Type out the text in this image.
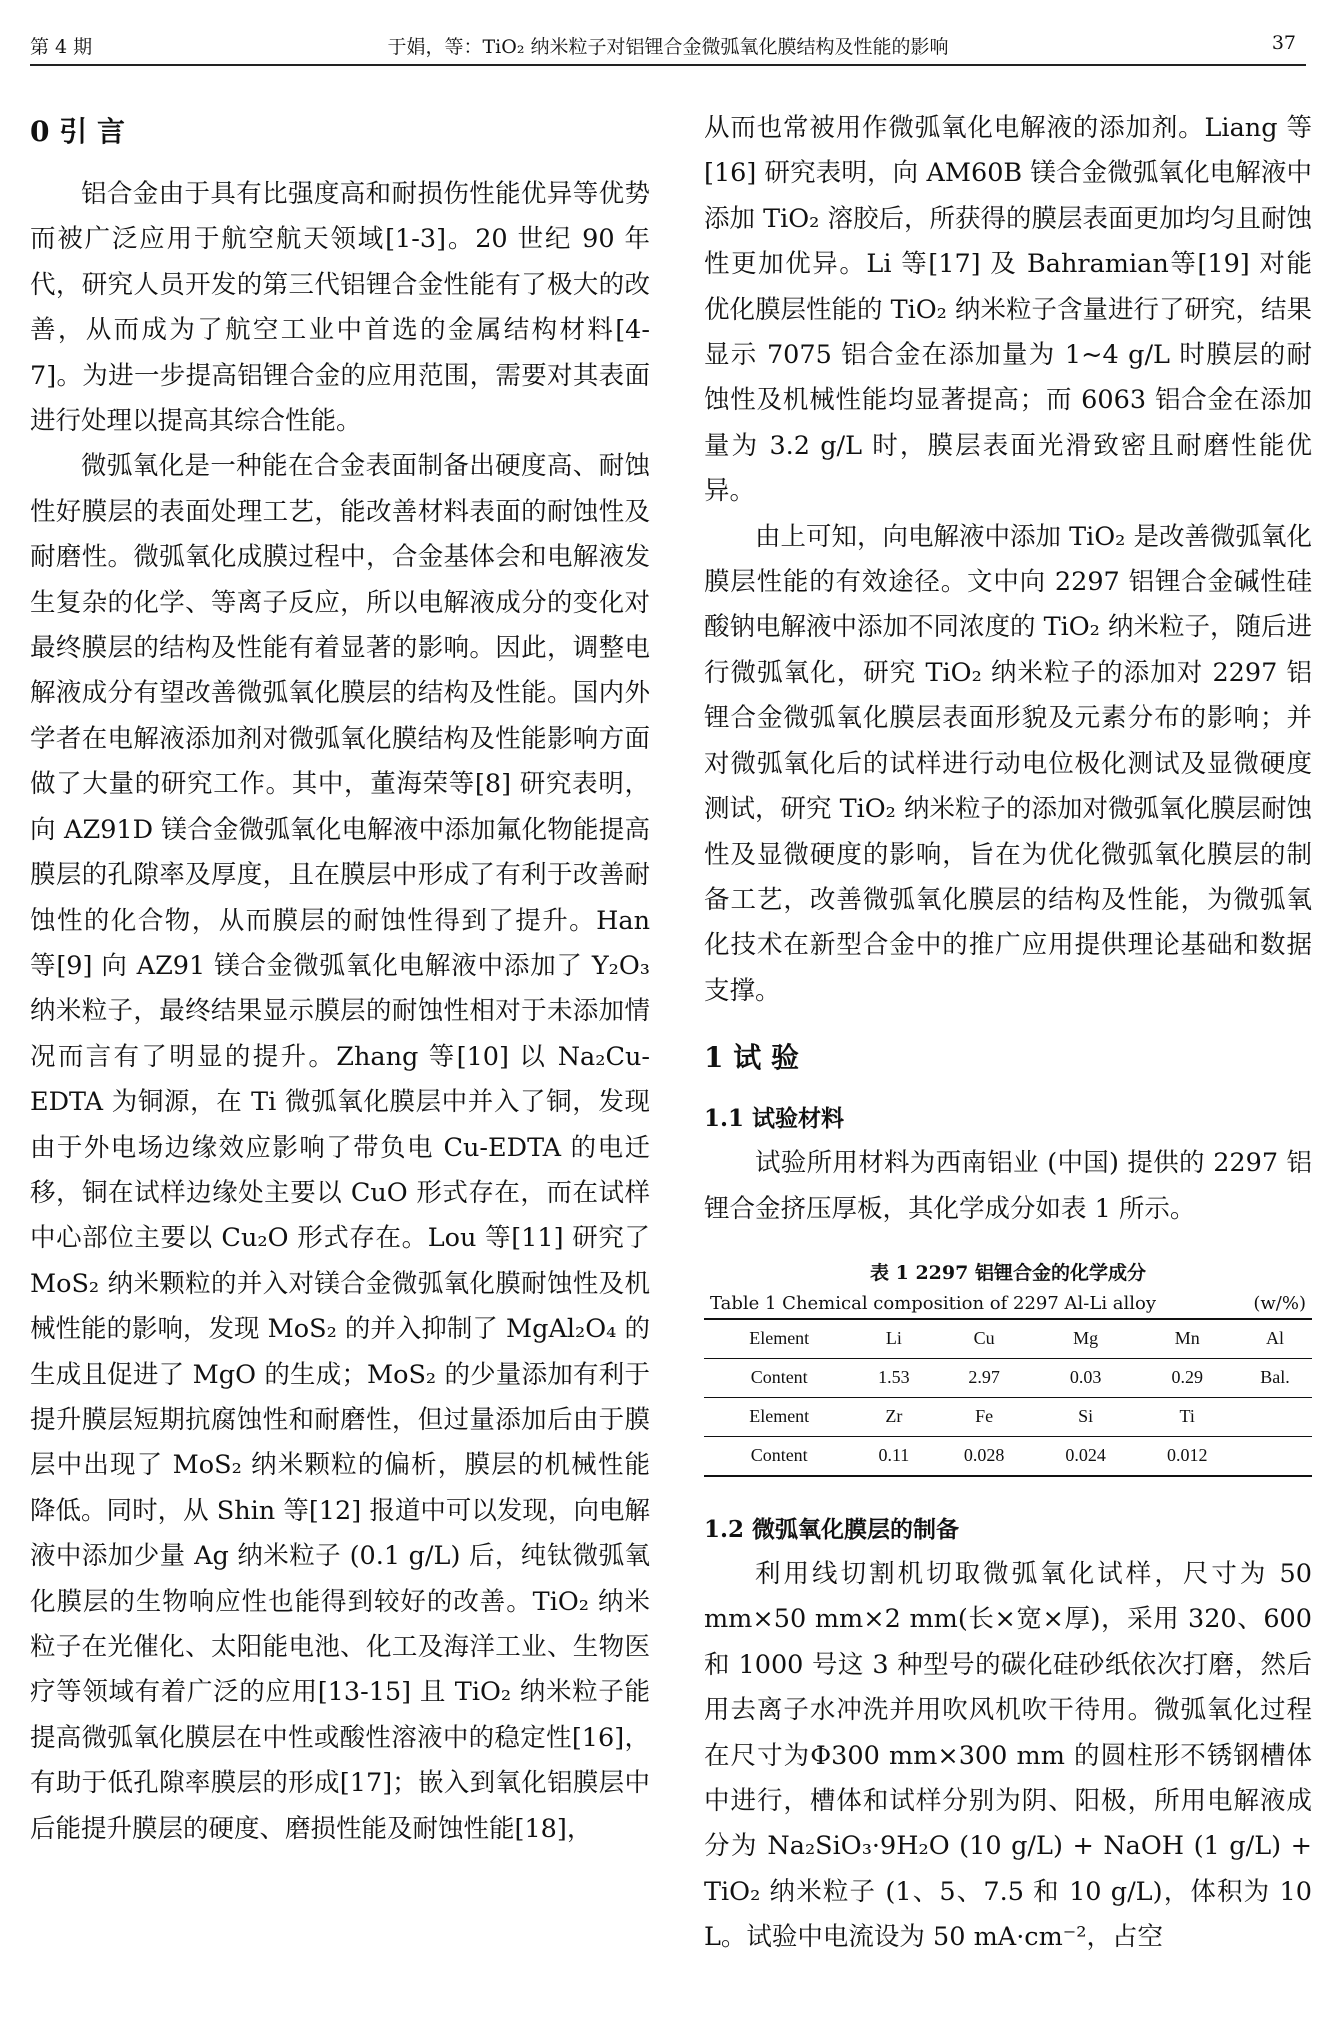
第 4 期	于娟，等：TiO₂ 纳米粒子对铝锂合金微弧氧化膜结构及性能的影响	37
0 引 言

铝合金由于具有比强度高和耐损伤性能优异等优势而被广泛应用于航空航天领域[1-3]。20 世纪 90 年代，研究人员开发的第三代铝锂合金性能有了极大的改善，从而成为了航空工业中首选的金属结构材料[4-7]。为进一步提高铝锂合金的应用范围，需要对其表面进行处理以提高其综合性能。

微弧氧化是一种能在合金表面制备出硬度高、耐蚀性好膜层的表面处理工艺，能改善材料表面的耐蚀性及耐磨性。微弧氧化成膜过程中，合金基体会和电解液发生复杂的化学、等离子反应，所以电解液成分的变化对最终膜层的结构及性能有着显著的影响。因此，调整电解液成分有望改善微弧氧化膜层的结构及性能。国内外学者在电解液添加剂对微弧氧化膜结构及性能影响方面做了大量的研究工作。其中，董海荣等[8] 研究表明，向 AZ91D 镁合金微弧氧化电解液中添加氟化物能提高膜层的孔隙率及厚度，且在膜层中形成了有利于改善耐蚀性的化合物，从而膜层的耐蚀性得到了提升。Han 等[9] 向 AZ91 镁合金微弧氧化电解液中添加了 Y₂O₃ 纳米粒子，最终结果显示膜层的耐蚀性相对于未添加情况而言有了明显的提升。Zhang 等[10] 以 Na₂Cu-EDTA 为铜源，在 Ti 微弧氧化膜层中并入了铜，发现由于外电场边缘效应影响了带负电 Cu-EDTA 的电迁移，铜在试样边缘处主要以 CuO 形式存在，而在试样中心部位主要以 Cu₂O 形式存在。Lou 等[11] 研究了 MoS₂ 纳米颗粒的并入对镁合金微弧氧化膜耐蚀性及机械性能的影响，发现 MoS₂ 的并入抑制了 MgAl₂O₄ 的生成且促进了 MgO 的生成；MoS₂ 的少量添加有利于提升膜层短期抗腐蚀性和耐磨性，但过量添加后由于膜层中出现了 MoS₂ 纳米颗粒的偏析，膜层的机械性能降低。同时，从 Shin 等[12] 报道中可以发现，向电解液中添加少量 Ag 纳米粒子 (0.1 g/L) 后，纯钛微弧氧化膜层的生物响应性也能得到较好的改善。TiO₂ 纳米粒子在光催化、太阳能电池、化工及海洋工业、生物医疗等领域有着广泛的应用[13-15] 且 TiO₂ 纳米粒子能提高微弧氧化膜层在中性或酸性溶液中的稳定性[16]，有助于低孔隙率膜层的形成[17]；嵌入到氧化铝膜层中后能提升膜层的硬度、磨损性能及耐蚀性能[18]，

从而也常被用作微弧氧化电解液的添加剂。Liang 等[16] 研究表明，向 AM60B 镁合金微弧氧化电解液中添加 TiO₂ 溶胶后，所获得的膜层表面更加均匀且耐蚀性更加优异。Li 等[17] 及 Bahramian等[19] 对能优化膜层性能的 TiO₂ 纳米粒子含量进行了研究，结果显示 7075 铝合金在添加量为 1~4 g/L 时膜层的耐蚀性及机械性能均显著提高；而 6063 铝合金在添加量为 3.2 g/L 时，膜层表面光滑致密且耐磨性能优异。

由上可知，向电解液中添加 TiO₂ 是改善微弧氧化膜层性能的有效途径。文中向 2297 铝锂合金碱性硅酸钠电解液中添加不同浓度的 TiO₂ 纳米粒子，随后进行微弧氧化，研究 TiO₂ 纳米粒子的添加对 2297 铝锂合金微弧氧化膜层表面形貌及元素分布的影响；并对微弧氧化后的试样进行动电位极化测试及显微硬度测试，研究 TiO₂ 纳米粒子的添加对微弧氧化膜层耐蚀性及显微硬度的影响，旨在为优化微弧氧化膜层的制备工艺，改善微弧氧化膜层的结构及性能，为微弧氧化技术在新型合金中的推广应用提供理论基础和数据支撑。

1 试 验
1.1 试验材料

试验所用材料为西南铝业 (中国) 提供的 2297 铝锂合金挤压厚板，其化学成分如表 1 所示。

表 1 2297 铝锂合金的化学成分
Table 1 Chemical composition of 2297 Al-Li alloy	(w/%)
Element	Li	Cu	Mg	Mn	Al
Content	1.53	2.97	0.03	0.29	Bal.
Element	Zr	Fe	Si	Ti	
Content	0.11	0.028	0.024	0.012	
1.2 微弧氧化膜层的制备

利用线切割机切取微弧氧化试样，尺寸为 50 mm×50 mm×2 mm(长×宽×厚)，采用 320、600 和 1000 号这 3 种型号的碳化硅砂纸依次打磨，然后用去离子水冲洗并用吹风机吹干待用。微弧氧化过程在尺寸为Φ300 mm×300 mm 的圆柱形不锈钢槽体中进行，槽体和试样分别为阴、阳极，所用电解液成分为 Na₂SiO₃·9H₂O (10 g/L) + NaOH (1 g/L) + TiO₂ 纳米粒子 (1、5、7.5 和 10 g/L)，体积为 10 L。试验中电流设为 50 mA·cm⁻²，占空
